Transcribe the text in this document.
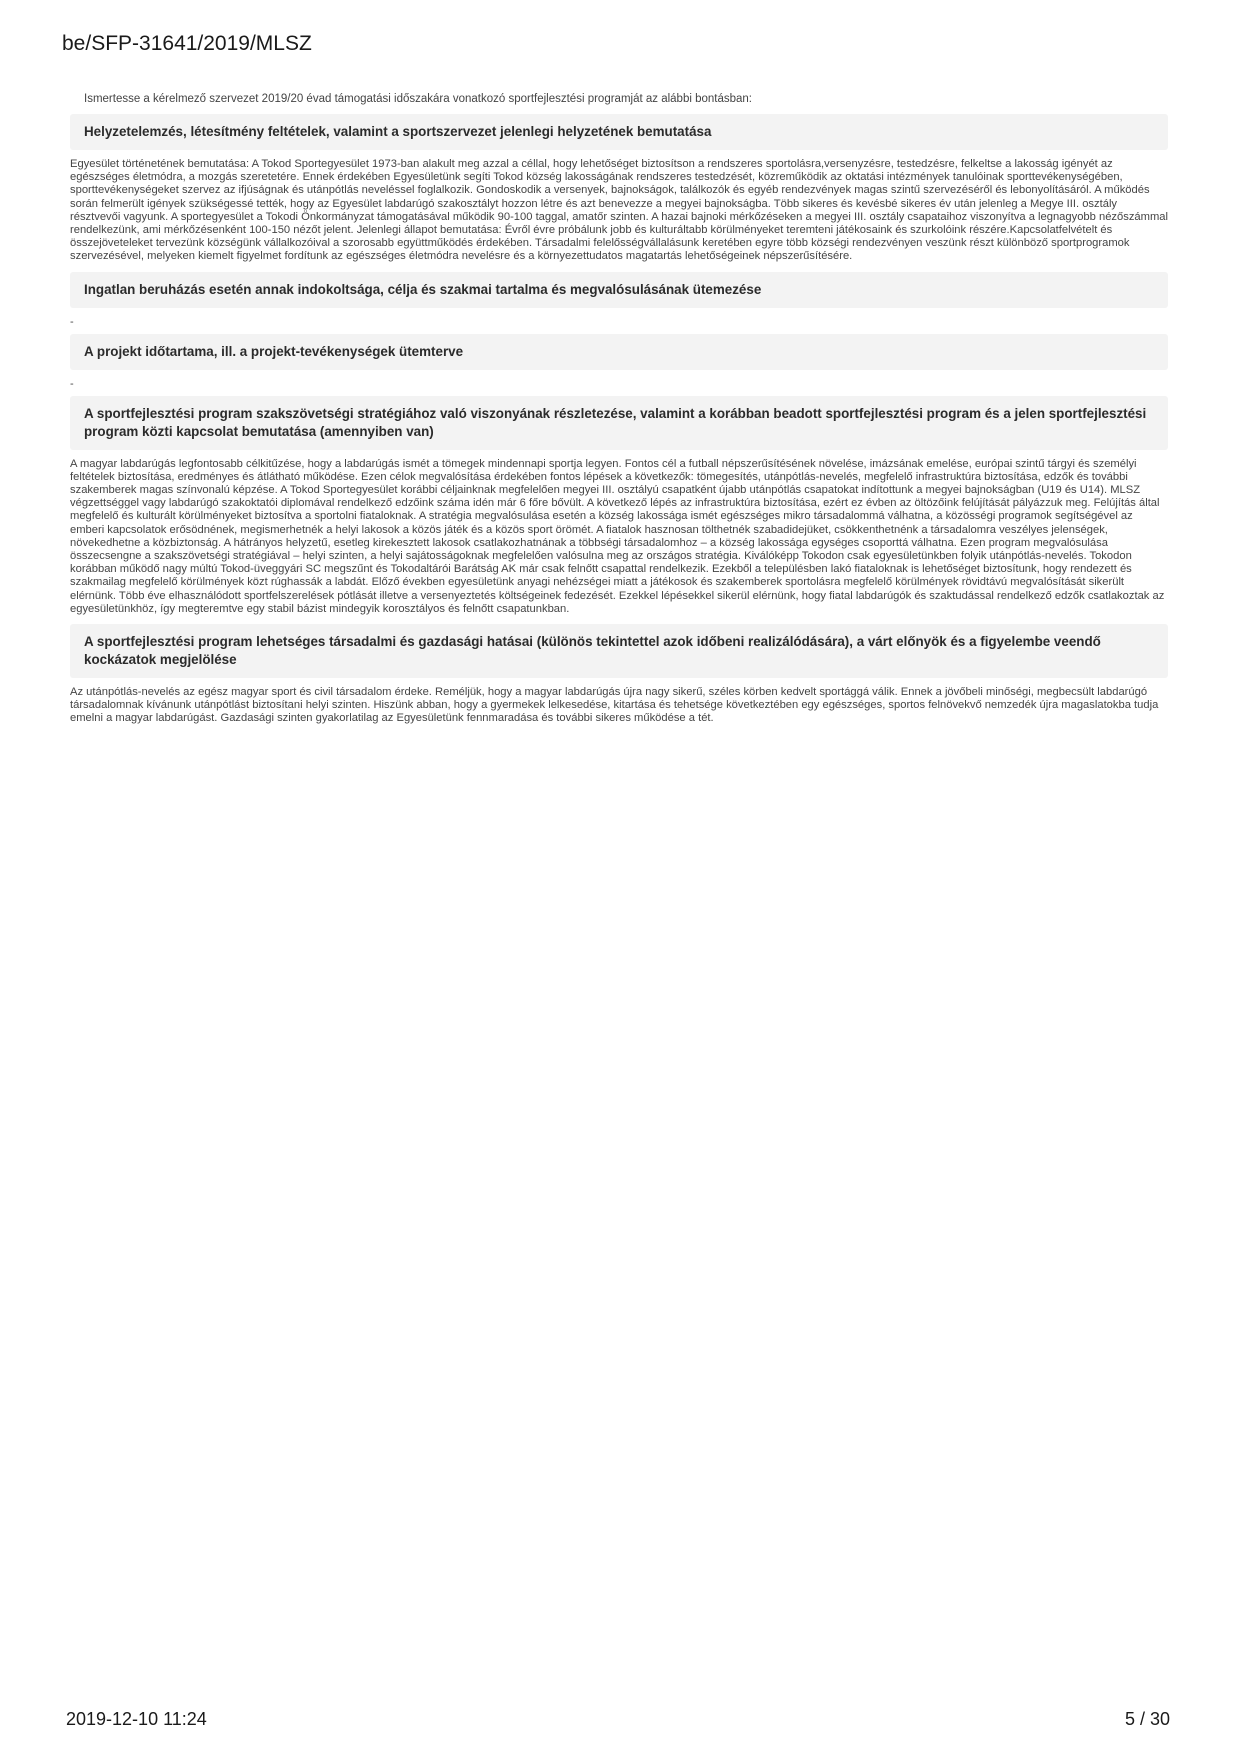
be/SFP-31641/2019/MLSZ
Ismertesse a kérelmező szervezet 2019/20 évad támogatási időszakára vonatkozó sportfejlesztési programját az alábbi bontásban:
Helyzetelemzés, létesítmény feltételek, valamint a sportszervezet jelenlegi helyzetének bemutatása
Egyesület történetének bemutatása: A Tokod Sportegyesület 1973-ban alakult meg azzal a céllal, hogy lehetőséget biztosítson a rendszeres sportolásra,versenyzésre, testedzésre, felkeltse a lakosság igényét az egészséges életmódra, a mozgás szeretetére. Ennek érdekében Egyesületünk segíti Tokod község lakosságának rendszeres testedzését, közreműködik az oktatási intézmények tanulóinak sporttevékenységében, sporttevékenységeket szervez az ifjúságnak és utánpótlás neveléssel foglalkozik. Gondoskodik a versenyek, bajnokságok, találkozók és egyéb rendezvények magas szintű szervezéséről és lebonyolításáról. A működés során felmerült igények szükségessé tették, hogy az Egyesület labdarúgó szakosztályt hozzon létre és azt benevezze a megyei bajnokságba. Több sikeres és kevésbé sikeres év után jelenleg a Megye III. osztály résztvevői vagyunk. A sportegyesület a Tokodi Önkormányzat támogatásával működik 90-100 taggal, amatőr szinten. A hazai bajnoki mérkőzéseken a megyei III. osztály csapataihoz viszonyítva a legnagyobb nézőszámmal rendelkezünk, ami mérkőzésenként 100-150 nézőt jelent. Jelenlegi állapot bemutatása: Évről évre próbálunk jobb és kulturáltabb körülményeket teremteni játékosaink és szurkolóink részére.Kapcsolatfelvételt és összejöveteleket tervezünk községünk vállalkozóival a szorosabb együttműködés érdekében. Társadalmi felelősségvállalásunk keretében egyre több községi rendezvényen veszünk részt különböző sportprogramok szervezésével, melyeken kiemelt figyelmet fordítunk az egészséges életmódra nevelésre és a környezettudatos magatartás lehetőségeinek népszerűsítésére.
Ingatlan beruházás esetén annak indokoltsága, célja és szakmai tartalma és megvalósulásának ütemezése
-
A projekt időtartama, ill. a projekt-tevékenységek ütemterve
-
A sportfejlesztési program szakszövetségi stratégiához való viszonyának részletezése, valamint a korábban beadott sportfejlesztési program és a jelen sportfejlesztési program közti kapcsolat bemutatása (amennyiben van)
A magyar labdarúgás legfontosabb célkitűzése, hogy a labdarúgás ismét a tömegek mindennapi sportja legyen. Fontos cél a futball népszerűsítésének növelése, imázsának emelése, európai szintű tárgyi és személyi feltételek biztosítása, eredményes és átlátható működése. Ezen célok megvalósítása érdekében fontos lépések a következők: tömegesítés, utánpótlás-nevelés, megfelelő infrastruktúra biztosítása, edzők és további szakemberek magas színvonalú képzése. A Tokod Sportegyesület korábbi céljainknak megfelelően megyei III. osztályú csapatként újabb utánpótlás csapatokat indítottunk a megyei bajnokságban (U19 és U14). MLSZ végzettséggel vagy labdarúgó szakoktatói diplomával rendelkező edzőink száma idén már 6 főre bővült. A következő lépés az infrastruktúra biztosítása, ezért ez évben az öltözőink felújítását pályázzuk meg. Felújítás által megfelelő és kulturált körülményeket biztosítva a sportolni fiataloknak. A stratégia megvalósulása esetén a község lakossága ismét egészséges mikro társadalommá válhatna, a közösségi programok segítségével az emberi kapcsolatok erősödnének, megismerhetnék a helyi lakosok a közös játék és a közös sport örömét. A fiatalok hasznosan tölthetnék szabadidejüket, csökkenthetnénk a társadalomra veszélyes jelenségek, növekedhetne a közbiztonság. A hátrányos helyzetű, esetleg kirekesztett lakosok csatlakozhatnának a többségi társadalomhoz – a község lakossága egységes csoporttá válhatna. Ezen program megvalósulása összecsengne a szakszövetségi stratégiával – helyi szinten, a helyi sajátosságoknak megfelelően valósulna meg az országos stratégia. Kiválóképp Tokodon csak egyesületünkben folyik utánpótlás-nevelés. Tokodon korábban működő nagy múltú Tokod-üveggyári SC megszűnt és Tokodaltárói Barátság AK már csak felnőtt csapattal rendelkezik. Ezekből a településben lakó fiataloknak is lehetőséget biztosítunk, hogy rendezett és szakmailag megfelelő körülmények közt rúghassák a labdát. Előző években egyesületünk anyagi nehézségei miatt a játékosok és szakemberek sportolásra megfelelő körülmények rövidtávú megvalósítását sikerült elérnünk. Több éve elhasználódott sportfelszerelések pótlását illetve a versenyeztetés költségeinek fedezését. Ezekkel lépésekkel sikerül elérnünk, hogy fiatal labdarúgók és szaktudással rendelkező edzők csatlakoztak az egyesületünkhöz, így megteremtve egy stabil bázist mindegyik korosztályos és felnőtt csapatunkban.
A sportfejlesztési program lehetséges társadalmi és gazdasági hatásai (különös tekintettel azok időbeni realizálódására), a várt előnyök és a figyelembe veendő kockázatok megjelölése
Az utánpótlás-nevelés az egész magyar sport és civil társadalom érdeke. Reméljük, hogy a magyar labdarúgás újra nagy sikerű, széles körben kedvelt sportággá válik. Ennek a jövőbeli minőségi, megbecsült labdarúgó társadalomnak kívánunk utánpótlást biztosítani helyi szinten. Hiszünk abban, hogy a gyermekek lelkesedése, kitartása és tehetsége következtében egy egészséges, sportos felnövekvő nemzedék újra magaslatokba tudja emelni a magyar labdarúgást. Gazdasági szinten gyakorlatilag az Egyesületünk fennmaradása és további sikeres működése a tét.
2019-12-10 11:24	5 / 30
